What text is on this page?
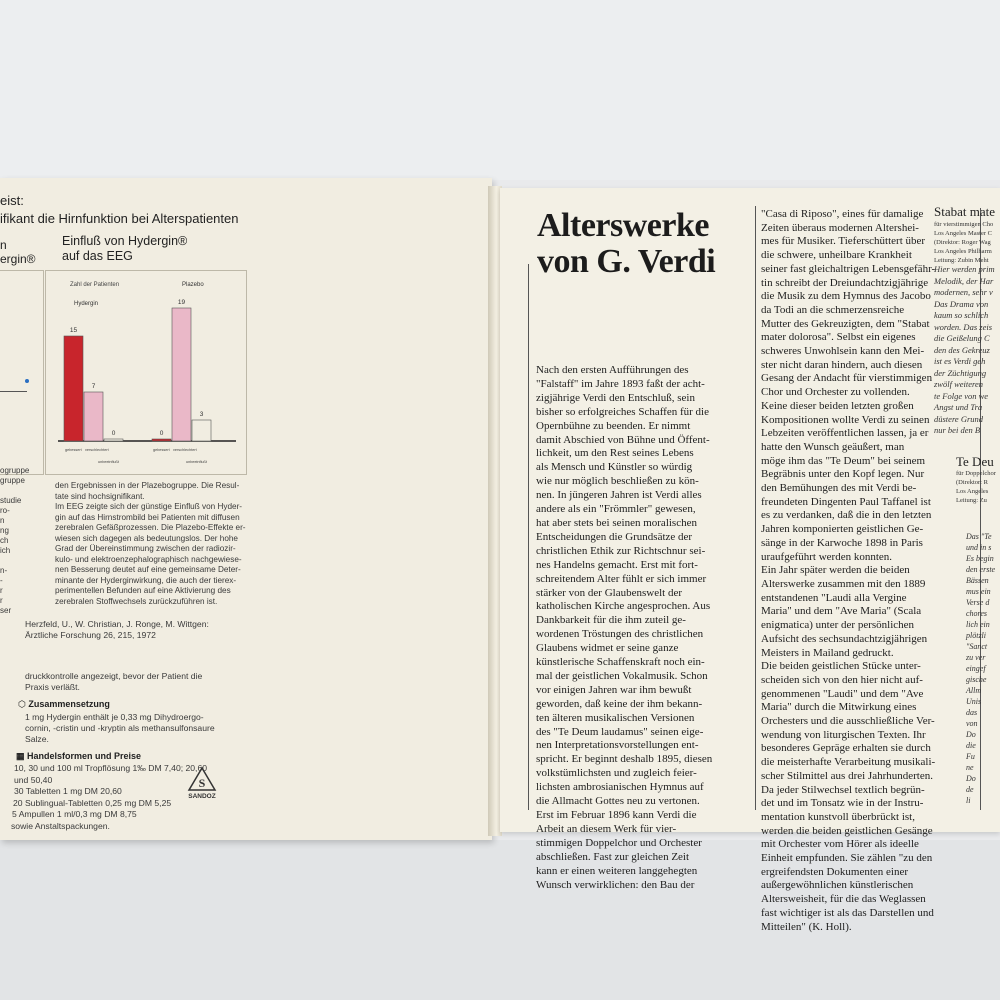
eist:
ifikant die Hirnfunktion bei Alterspatienten
n
ergin®
Einfluß von Hydergin®
auf das EEG
Zahl der Patienten
Hydergin
15
gebessert
7
verschlechtert
0
unbeeinflußt
Plazebo
0
gebessert
19
verschlechtert
3
unbeeinflußt
ogruppe
gruppe

studie
ro-
n
ng
ch
ich

n-
-
r
r
ser
den Ergebnissen in der Plazebogruppe. Die Resul-
tate sind hochsignifikant.
Im EEG zeigte sich der günstige Einfluß von Hyder-
gin auf das Hirnstrombild bei Patienten mit diffusen
zerebralen Gefäßprozessen. Die Plazebo-Effekte er-
wiesen sich dagegen als bedeutungslos. Der hohe
Grad der Übereinstimmung zwischen der radiozir-
kulo- und elektroenzephalographisch nachgewiese-
nen Besserung deutet auf eine gemeinsame Deter-
minante der Hyderginwirkung, die auch der tierex-
perimentellen Befunden auf eine Aktivierung des
zerebralen Stoffwechsels zurückzuführen ist.
Herzfeld, U., W. Christian, J. Ronge, M. Wittgen:
Ärztliche Forschung 26, 215, 1972
druckkontrolle angezeigt, bevor der Patient die
Praxis verläßt.
⬡ Zusammensetzung
1 mg Hydergin enthält je 0,33 mg Dihydroergo-
cornin, -cristin und -kryptin als methansulfonsaure
Salze.
▦ Handelsformen und Preise
10, 30 und 100 ml Tropflösung 1‰ DM 7,40; 20,60
und 50,40
30 Tabletten 1 mg DM 20,60
20 Sublingual-Tabletten 0,25 mg DM 5,25
5 Ampullen 1 ml/0,3 mg DM 8,75
sowie Anstaltspackungen.
S
SANDOZ
Alterswerke
von G. Verdi
Nach den ersten Aufführungen des
"Falstaff" im Jahre 1893 faßt der acht-
zigjährige Verdi den Entschluß, sein
bisher so erfolgreiches Schaffen für die
Opernbühne zu beenden. Er nimmt
damit Abschied von Bühne und Öffent-
lichkeit, um den Rest seines Lebens
als Mensch und Künstler so würdig
wie nur möglich beschließen zu kön-
nen. In jüngeren Jahren ist Verdi alles
andere als ein "Frömmler" gewesen,
hat aber stets bei seinen moralischen
Entscheidungen die Grundsätze der
christlichen Ethik zur Richtschnur sei-
nes Handelns gemacht. Erst mit fort-
schreitendem Alter fühlt er sich immer
stärker von der Glaubenswelt der
katholischen Kirche angesprochen. Aus
Dankbarkeit für die ihm zuteil ge-
wordenen Tröstungen des christlichen
Glaubens widmet er seine ganze
künstlerische Schaffenskraft noch ein-
mal der geistlichen Vokalmusik. Schon
vor einigen Jahren war ihm bewußt
geworden, daß keine der ihm bekann-
ten älteren musikalischen Versionen
des "Te Deum laudamus" seinen eige-
nen Interpretationsvorstellungen ent-
spricht. Er beginnt deshalb 1895, diesen
volkstümlichsten und zugleich feier-
lichsten ambrosianischen Hymnus auf
die Allmacht Gottes neu zu vertonen.
Erst im Februar 1896 kann Verdi die
Arbeit an diesem Werk für vier-
stimmigen Doppelchor und Orchester
abschließen. Fast zur gleichen Zeit
kann er einen weiteren langgehegten
Wunsch verwirklichen: den Bau der
"Casa di Riposo", eines für damalige
Zeiten überaus modernen Altershei-
mes für Musiker. Tieferschüttert über
die schwere, unheilbare Krankheit
seiner fast gleichaltrigen Lebensgefähr-
tin schreibt der Dreiundachtzigjährige
die Musik zu dem Hymnus des Jacobo
da Todi an die schmerzensreiche
Mutter des Gekreuzigten, dem "Stabat
mater dolorosa". Selbst ein eigenes
schweres Unwohlsein kann den Mei-
ster nicht daran hindern, auch diesen
Gesang der Andacht für vierstimmigen
Chor und Orchester zu vollenden.
Keine dieser beiden letzten großen
Kompositionen wollte Verdi zu seinen
Lebzeiten veröffentlichen lassen, ja er
hatte den Wunsch geäußert, man
möge ihm das "Te Deum" bei seinem
Begräbnis unter den Kopf legen. Nur
den Bemühungen des mit Verdi be-
freundeten Dingenten Paul Taffanel ist
es zu verdanken, daß die in den letzten
Jahren komponierten geistlichen Ge-
sänge in der Karwoche 1898 in Paris
uraufgeführt werden konnten.
Ein Jahr später werden die beiden
Alterswerke zusammen mit den 1889
entstandenen "Laudi alla Vergine
Maria" und dem "Ave Maria" (Scala
enigmatica) unter der persönlichen
Aufsicht des sechsundachtzigjährigen
Meisters in Mailand gedruckt.
Die beiden geistlichen Stücke unter-
scheiden sich von den hier nicht auf-
genommenen "Laudi" und dem "Ave
Maria" durch die Mitwirkung eines
Orchesters und die ausschließliche Ver-
wendung von liturgischen Texten. Ihr
besonderes Gepräge erhalten sie durch
die meisterhafte Verarbeitung musikali-
scher Stilmittel aus drei Jahrhunderten.
Da jeder Stilwechsel textlich begrün-
det und im Tonsatz wie in der Instru-
mentation kunstvoll überbrückt ist,
werden die beiden geistlichen Gesänge
mit Orchester vom Hörer als ideelle
Einheit empfunden. Sie zählen "zu den
ergreifendsten Dokumenten einer
außergewöhnlichen künstlerischen
Altersweisheit, für die das Weglassen
fast wichtiger ist als das Darstellen und
Mitteilen" (K. Holl).
Stabat mate
für vierstimmigen Cho
Los Angeles Master C
(Direktor: Roger Wag
Los Angeles Philharm
Leitung: Zubin Meht
Hier werden prim
Melodik, der Har
modernen, sehr v
Das Drama von
kaum so schlich
worden. Das zeis
die Geißelung C
den des Gekreuz
ist es Verdi geh
der Züchtigung
zwölf weiteren
te Folge von we
Angst und Tra
düstere Grund
nur bei den B
Te Deu
für Doppelchor
(Direktor: R
Los Angeles
Leitung: Zu
Das "Te
und in s
Es begin
den erste
Bässen
mus ein
Verse d
chores
lich ein
plötzli
"Sanct
zu ver
eingef
gische
Allm
Unis
das
von
Do
die
Fu
ne
Do
de
li
